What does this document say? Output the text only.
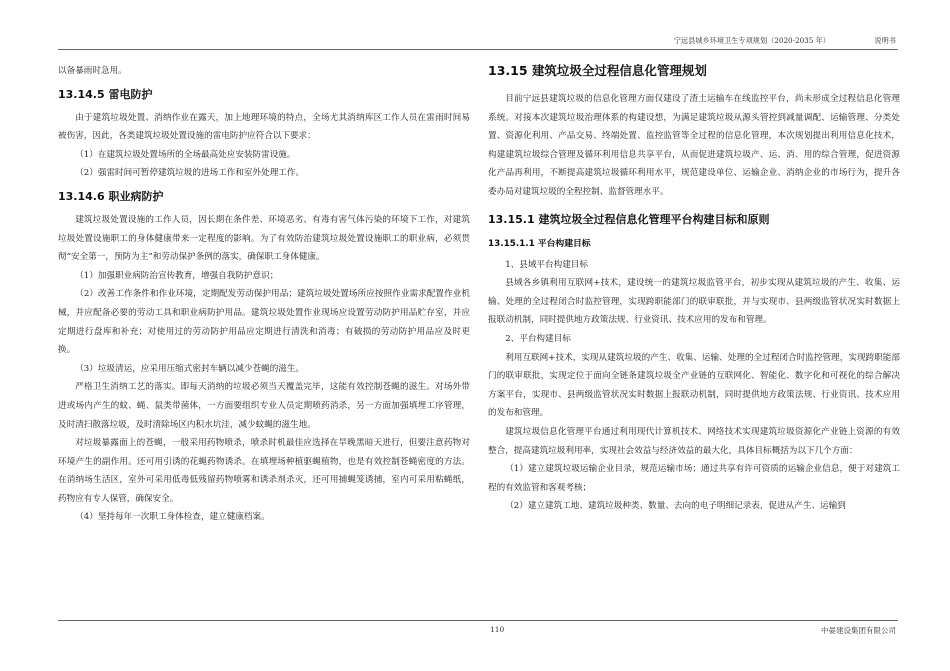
宁远县城乡环境卫生专项规划（2020-2035 年）	说明书

以备暴雨时急用。

13.14.5 雷电防护

由于建筑垃圾处置、消纳作业在露天，加上地理环境的特点，全场尤其消纳库区工作人员在雷雨时间易被伤害，因此，各类建筑垃圾处置设施的雷电防护应符合以下要求：

（1）在建筑垃圾处置场所的全场最高处应安装防雷设施。

（2）强雷时间可暂停建筑垃圾的进场工作和室外处理工作。

13.14.6 职业病防护

建筑垃圾处置设施的工作人员，因长期在条件差、环境恶劣、有毒有害气体污染的环境下工作，对建筑垃圾处置设施职工的身体健康带来一定程度的影响。为了有效防治建筑垃圾处置设施职工的职业病，必须贯彻“安全第一，预防为主”和劳动保护条例的落实，确保职工身体健康。

（1）加强职业病防治宣传教育，增强自我防护意识；

（2）改善工作条件和作业环境，定期配发劳动保护用品；建筑垃圾处置场所应按照作业需求配置作业机械，并应配备必要的劳动工具和职业病防护用品。建筑垃圾处置作业现场应设置劳动防护用品贮存室，并应定期进行盘库和补充；对使用过的劳动防护用品应定期进行清洗和消毒；有破损的劳动防护用品应及时更换。

（3）垃圾清运，应采用压缩式密封车辆以减少苍蝇的滋生。

严格卫生消纳工艺的落实。即每天消纳的垃圾必须当天覆盖完毕，这能有效控制苍蝇的滋生。对场外带进或场内产生的蚊、蝇、鼠类带菌体，一方面要组织专业人员定期喷药消杀，另一方面加强填埋工序管理，及时清扫散落垃圾，及时清除场区内积水坑洼，减少蚊蝇的滋生地。

对垃圾暴露面上的苍蝇，一般采用药物喷杀，喷杀时机最佳应选择在旱晚黑暗天进行，但要注意药物对环境产生的副作用。还可用引诱的花蝇药物诱杀。在填埋场种植驱蝇植物，也是有效控制苍蝇密度的方法。在消纳场生活区，室外可采用低毒低残留药物喷雾和诱杀剂杀灭，还可用捕蝇笼诱捕，室内可采用粘蝇纸，药物应有专人保管，确保安全。

（4）坚持每年一次职工身体检查，建立健康档案。

13.15 建筑垃圾全过程信息化管理规划

目前宁远县建筑垃圾的信息化管理方面仅建设了渣土运输车在线监控平台，尚未形成全过程信息化管理系统。对接本次建筑垃圾治理体系的构建设想，为满足建筑垃圾从源头管控到减量调配、运输管理、分类处置、资源化利用、产品交易、终端处置、监控监管等全过程的信息化管理，本次规划提出利用信息化技术，构建建筑垃圾综合管理及循环利用信息共享平台，从而促进建筑垃圾产、运、消、用的综合管理，促进资源化产品再利用，不断提高建筑垃圾循环利用水平，规范建设单位、运输企业、消纳企业的市场行为，提升各委办局对建筑垃圾的全程控制、监督管理水平。

13.15.1 建筑垃圾全过程信息化管理平台构建目标和原则
13.15.1.1 平台构建目标

1、县域平台构建目标

县域各乡镇利用互联网+技术，建设统一的建筑垃圾监管平台，初步实现从建筑垃圾的产生、收集、运输、处理的全过程闭合时监控管理，实现跨职能部门的联审联批，并与实现市、县两级监管状况实时数据上报联动机制，同时提供地方政策法规、行业资讯、技术应用的发布和管理。

2、平台构建目标

利用互联网+技术，实现从建筑垃圾的产生、收集、运输、处理的全过程闭合时监控管理，实现跨职能部门的联审联批，实现定位于面向全链条建筑垃圾全产业链的互联网化、智能化、数字化和可视化的综合解决方案平台，实现市、县两级监管状况实时数据上报联动机制，同时提供地方政策法规、行业资讯、技术应用的发布和管理。

建筑垃圾信息化管理平台通过利用现代计算机技术、网络技术实现建筑垃圾资源化产业链上资源的有效整合，提高建筑垃圾利用率，实现社会效益与经济效益的最大化，具体目标概括为以下几个方面：

（1）建立建筑垃圾运输企业目录，规范运输市场；通过共享有许可资质的运输企业信息，便于对建筑工程的有效监管和客观考核；

（2）建立建筑工地、建筑垃圾种类、数量、去向的电子明细记录表，促进从产生、运输到

110	中晏建设集团有限公司
